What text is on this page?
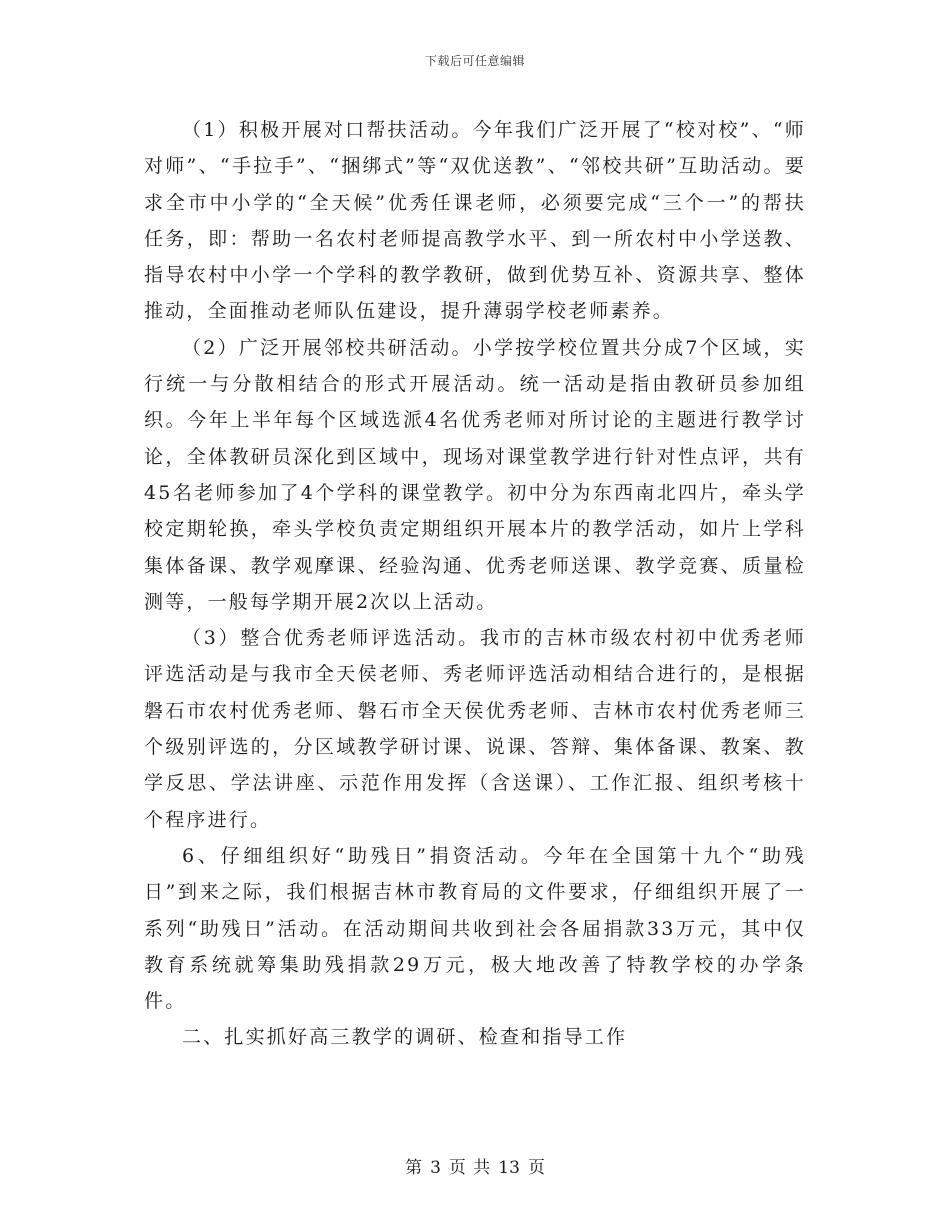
下载后可任意编辑

（1）积极开展对口帮扶活动。今年我们广泛开展了“校对校”、“师对师”、“手拉手”、“捆绑式”等“双优送教”、“邻校共研”互助活动。要求全市中小学的“全天候”优秀任课老师，必须要完成“三个一”的帮扶任务，即：帮助一名农村老师提高教学水平、到一所农村中小学送教、指导农村中小学一个学科的教学教研，做到优势互补、资源共享、整体推动，全面推动老师队伍建设，提升薄弱学校老师素养。

（2）广泛开展邻校共研活动。小学按学校位置共分成7个区域，实行统一与分散相结合的形式开展活动。统一活动是指由教研员参加组织。今年上半年每个区域选派4名优秀老师对所讨论的主题进行教学讨论，全体教研员深化到区域中，现场对课堂教学进行针对性点评，共有45名老师参加了4个学科的课堂教学。初中分为东西南北四片，牵头学校定期轮换，牵头学校负责定期组织开展本片的教学活动，如片上学科集体备课、教学观摩课、经验沟通、优秀老师送课、教学竞赛、质量检测等，一般每学期开展2次以上活动。

（3）整合优秀老师评选活动。我市的吉林市级农村初中优秀老师评选活动是与我市全天侯老师、秀老师评选活动相结合进行的，是根据磐石市农村优秀老师、磐石市全天侯优秀老师、吉林市农村优秀老师三个级别评选的，分区域教学研讨课、说课、答辩、集体备课、教案、教学反思、学法讲座、示范作用发挥（含送课）、工作汇报、组织考核十个程序进行。

6、仔细组织好“助残日”捐资活动。今年在全国第十九个“助残日”到来之际，我们根据吉林市教育局的文件要求，仔细组织开展了一系列“助残日”活动。在活动期间共收到社会各届捐款33万元，其中仅教育系统就筹集助残捐款29万元，极大地改善了特教学校的办学条件。

二、扎实抓好高三教学的调研、检查和指导工作

第 3 页 共 13 页
